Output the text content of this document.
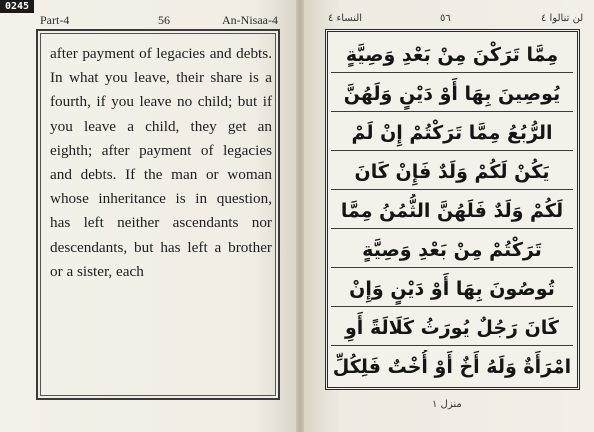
0245
Part-4	56	An-Nisaa-4

after payment of legacies and debts. In what you leave, their share is a fourth, if you leave no child; but if you leave a child, they get an eighth; after payment of legacies and debts. If the man or woman whose inheritance is in question, has left neither ascendants nor descendants, but has left a brother or a sister, each

لن تنالوا ٤
٥٦
النساء ٤
مِمَّا تَرَكْنَ مِنْ بَعْدِ وَصِيَّةٍ
يُوصِينَ بِهَا أَوْ دَيْنٍ وَلَهُنَّ
الرُّبُعُ مِمَّا تَرَكْتُمْ إِنْ لَمْ
يَكُنْ لَكُمْ وَلَدٌ فَإِنْ كَانَ
لَكُمْ وَلَدٌ فَلَهُنَّ الثُّمُنُ مِمَّا
تَرَكْتُمْ مِنْ بَعْدِ وَصِيَّةٍ
تُوصُونَ بِهَا أَوْ دَيْنٍ وَإِنْ
كَانَ رَجُلٌ يُورَثُ كَلَالَةً أَوِ
امْرَأَةٌ وَلَهُ أَخٌ أَوْ أُخْتٌ فَلِكُلِّ
منزل ١
